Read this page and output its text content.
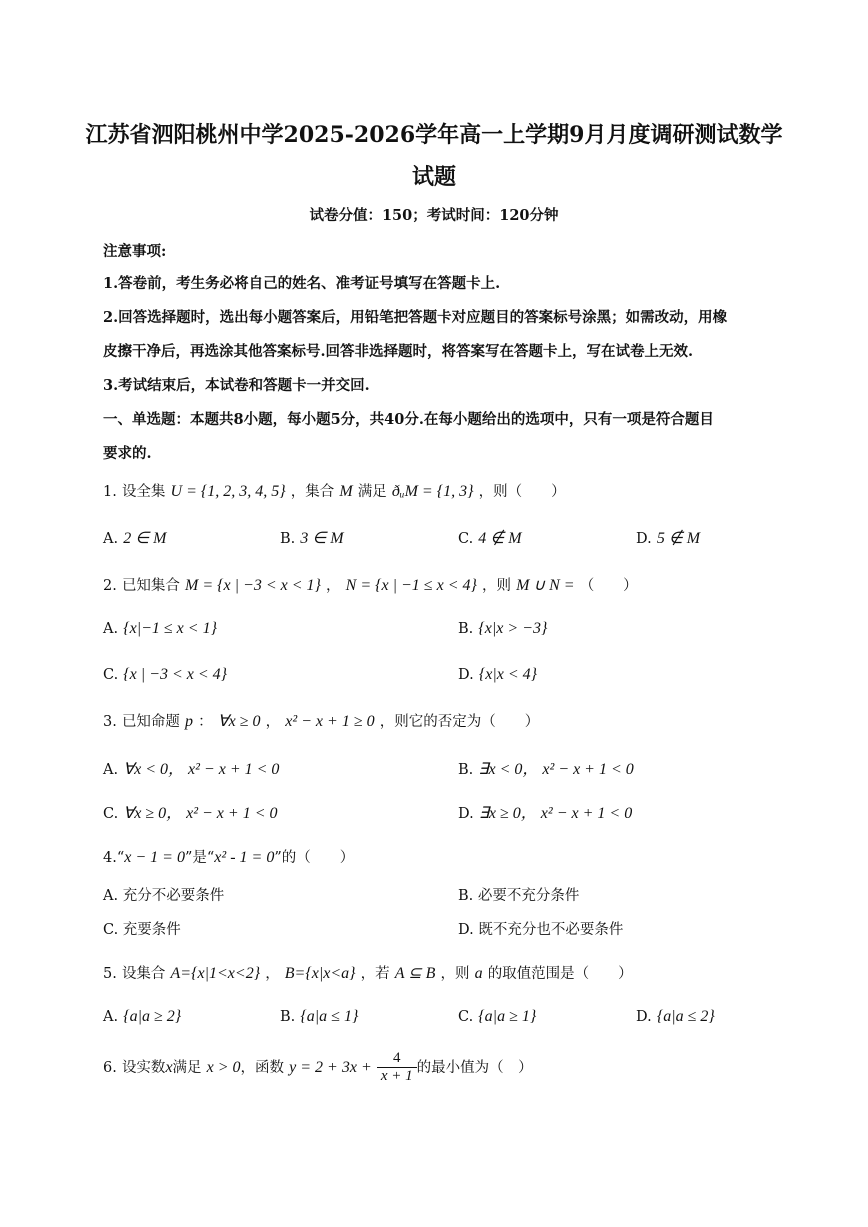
江苏省泗阳桃州中学2025-2026学年高一上学期9月月度调研测试数学
试题
试卷分值：150；考试时间：120分钟
注意事项:
1.答卷前，考生务必将自己的姓名、准考证号填写在答题卡上.
2.回答选择题时，选出每小题答案后，用铅笔把答题卡对应题目的答案标号涂黑；如需改动，用橡
皮擦干净后，再选涂其他答案标号.回答非选择题时，将答案写在答题卡上，写在试卷上无效.
3.考试结束后，本试卷和答题卡一并交回.
一、单选题：本题共8小题，每小题5分，共40分.在每小题给出的选项中，只有一项是符合题目
要求的.
1. 设全集 U = {1, 2, 3, 4, 5} ，集合 M 满足 ðᵤM = {1, 3} ，则（　　）
A. 2 ∈ M	B. 3 ∈ M	C. 4 ∉ M	D. 5 ∉ M
2. 已知集合 M = {x | −3 < x < 1} ， N = {x | −1 ≤ x < 4} ，则 M ∪ N = （　　）
A. {x|−1 ≤ x < 1}	B. {x|x > −3}
C. {x | −3 < x < 4}	D. {x|x < 4}
3. 已知命题 p ： ∀x ≥ 0 ， x² − x + 1 ≥ 0 ，则它的否定为（　　）
A. ∀x < 0， x² − x + 1 < 0	B. ∃x < 0， x² − x + 1 < 0
C. ∀x ≥ 0， x² − x + 1 < 0	D. ∃x ≥ 0， x² − x + 1 < 0
4.“x − 1 = 0”是“x² - 1 = 0”的（　　）
A. 充分不必要条件	B. 必要不充分条件
C. 充要条件	D. 既不充分也不必要条件
5. 设集合 A={x|1<x<2} ， B={x|x<a} ，若 A ⊆ B ，则 a 的取值范围是（　　）
A. {a|a ≥ 2}	B. {a|a ≤ 1}	C. {a|a ≥ 1}	D. {a|a ≤ 2}
6. 设实数x满足 x > 0，函数 $y = 2 + 3x + \frac{4}{x + 1}$ 的最小值为（　）
